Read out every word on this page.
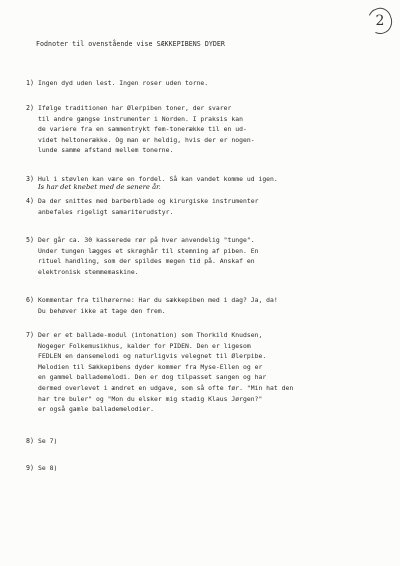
2
Fodnoter til ovenstående vise SÆKKEPIBENS DYDER
1) Ingen dyd uden lest. Ingen roser uden torne.
2) Ifølge traditionen har Ølerpiben toner, der svarer
til andre gængse instrumenter i Norden. I praksis kan
de variere fra en sammentrykt fem-tonerække til en ud-
videt heltonerække. Og man er heldig, hvis der er nogen-
lunde samme afstand mellem tonerne.
3) Hul i støvlen kan være en fordel. Så kan vandet komme ud igen.
4) Da der snittes med barberblade og kirurgiske instrumenter
anbefales rigeligt samariterudstyr.
5) Der går ca. 30 kasserede rør på hver anvendelig "tunge".
Under tungen lægges et skrøghår til stemning af piben. En
rituel handling, som der spildes megen tid på. Anskaf en
elektronisk stemmemaskine.
6) Kommentar fra tilhørerne: Har du sækkepiben med i dag? Ja, da!
Du behøver ikke at tage den frem.
7) Der er et ballade-modul (intonation) som Thorkild Knudsen,
Nogeger Folkemusikhus, kalder for PIDEN. Den er ligesom
FEDLEN en dansemelodi og naturligvis velegnet til Ølerpibe.
Melodien til Sækkepibens dyder kommer fra Myse-Ellen og er
en gammel ballademelodi. Den er dog tilpasset sangen og har
dermed overlevet i ændret en udgave, som så ofte før. "Min hat den
har tre buler" og "Mon du elsker mig stadig Klaus Jørgen?"
er også gamle ballademelodier.
8) Se 7)
9) Se 8)
Is har det knebet med de senere år.
